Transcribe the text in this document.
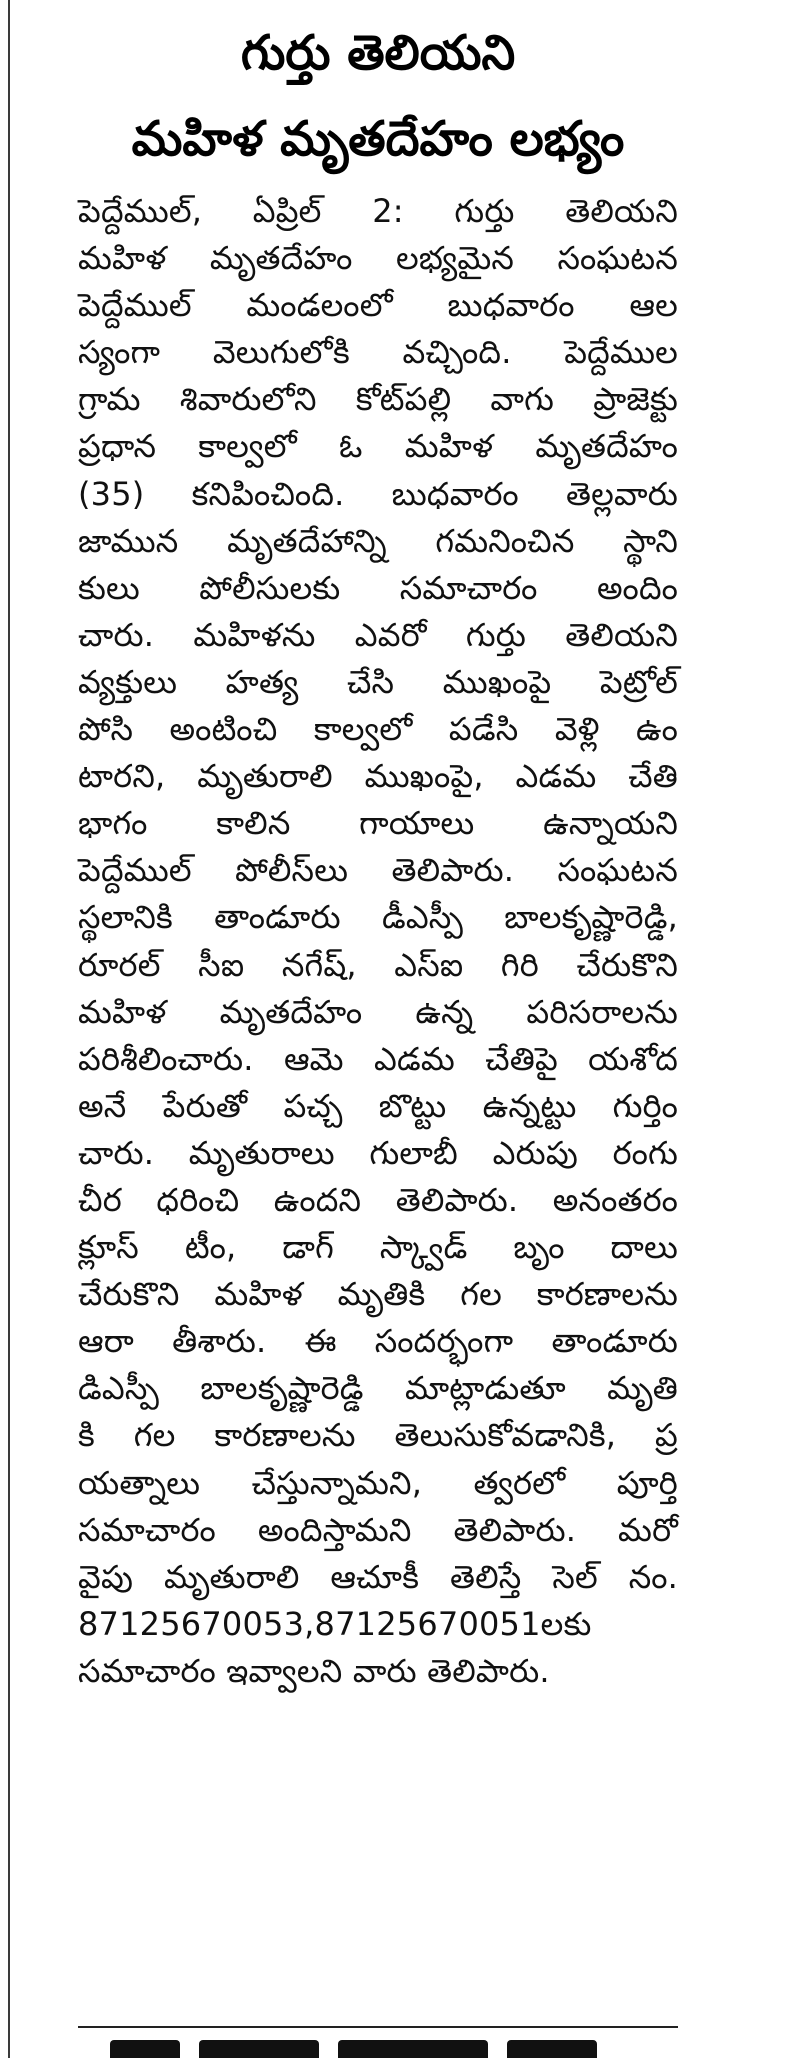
గుర్తు తెలియని
మహిళ మృతదేహం లభ్యం
పెద్దేముల్, ఏప్రిల్ 2: గుర్తు తెలియని
మహిళ మృతదేహం లభ్యమైన సంఘటన
పెద్దేముల్ మండలంలో బుధవారం ఆల
స్యంగా వెలుగులోకి వచ్చింది. పెద్దేముల
గ్రామ శివారులోని కోట్‌పల్లి వాగు ప్రాజెక్టు
ప్రధాన కాల్వలో ఓ మహిళ మృతదేహం
(35) కనిపించింది. బుధవారం తెల్లవారు
జామున మృతదేహాన్ని గమనించిన స్థాని
కులు పోలీసులకు సమాచారం అందిం
చారు. మహిళను ఎవరో గుర్తు తెలియని
వ్యక్తులు హత్య చేసి ముఖంపై పెట్రోల్
పోసి అంటించి కాల్వలో పడేసి వెళ్లి ఉం
టారని, మృతురాలి ముఖంపై, ఎడమ చేతి
భాగం కాలిన గాయాలు ఉన్నాయని
పెద్దేముల్ పోలీస్‌లు తెలిపారు. సంఘటన
స్థలానికి తాండూరు డీఎస్పీ బాలకృష్ణారెడ్డి,
రూరల్ సీఐ నగేష్, ఎస్ఐ గిరి చేరుకొని
మహిళ మృతదేహం ఉన్న పరిసరాలను
పరిశీలించారు. ఆమె ఎడమ చేతిపై యశోద
అనే పేరుతో పచ్చ బొట్టు ఉన్నట్టు గుర్తిం
చారు. మృతురాలు గులాబీ ఎరుపు రంగు
చీర ధరించి ఉందని తెలిపారు. అనంతరం
క్లూస్ టీం, డాగ్ స్క్వాడ్ బృం దాలు
చేరుకొని మహిళ మృతికి గల కారణాలను
ఆరా తీశారు. ఈ సందర్భంగా తాండూరు
డిఎస్పీ బాలకృష్ణారెడ్డి మాట్లాడుతూ మృతి
కి గల కారణాలను తెలుసుకోవడానికి, ప్ర
యత్నాలు చేస్తున్నామని, త్వరలో పూర్తి
సమాచారం అందిస్తామని తెలిపారు. మరో
వైపు మృతురాలి ఆచూకీ తెలిస్తే సెల్ నం.
87125670053,87125670051లకు
సమాచారం ఇవ్వాలని వారు తెలిపారు.
